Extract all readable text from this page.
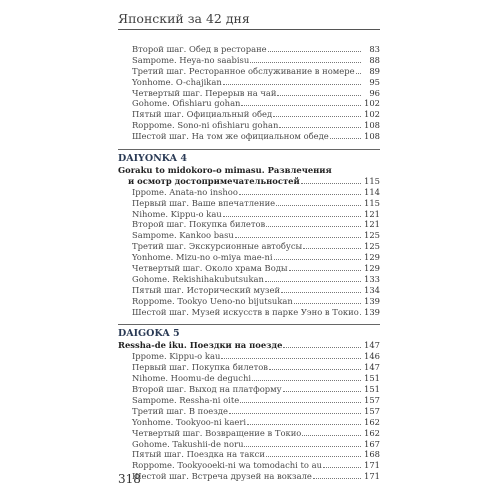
Японский за 42 дня
Второй шаг. Обед в ресторане	83
Sampome. Heya-no saabisu	88
Третий шаг. Ресторанное обслуживание в номере	89
Yonhome. O-chajikan	95
Четвертый шаг. Перерыв на чай	96
Gohome. Ofishiaru gohan	102
Пятый шаг. Официальный обед	102
Roppome. Sono-ni ofishiaru gohan	108
Шестой шаг. На том же официальном обеде	108
DAIYONKA 4
Goraku to midokoro-o mimasu. Развлечения
и осмотр достопримечательностей	115
Ippome. Anata-no inshoo	114
Первый шаг. Ваше впечатление	115
Nihome. Kippu-o kau	121
Второй шаг. Покупка билетов	121
Sampome. Kankoo basu	125
Третий шаг. Экскурсионные автобусы	125
Yonhome. Mizu-no o-miya mae-ni	129
Четвертый шаг. Около храма Воды	129
Gohome. Rekishihakubutsukan	133
Пятый шаг. Исторический музей	134
Roppome. Tookyo Ueno-no bijutsukan	139
Шестой шаг. Музей искусств в парке Уэно в Токио 139
DAIGOKA 5
Ressha-de iku. Поездки на поезде	147
Ippome. Kippu-o kau	146
Первый шаг. Покупка билетов	147
Nihome. Hoomu-de deguchi	151
Второй шаг. Выход на платформу	151
Sampome. Ressha-ni oite	157
Третий шаг. В поезде	157
Yonhome. Tookyoo-ni kaeri	162
Четвертый шаг. Возвращение в Токио	162
Gohome. Takushii-de noru	167
Пятый шаг. Поездка на такси	168
Roppome. Tookyooeki-ni wa tomodachi to au	171
Шестой шаг. Встреча друзей на вокзале	171
318
